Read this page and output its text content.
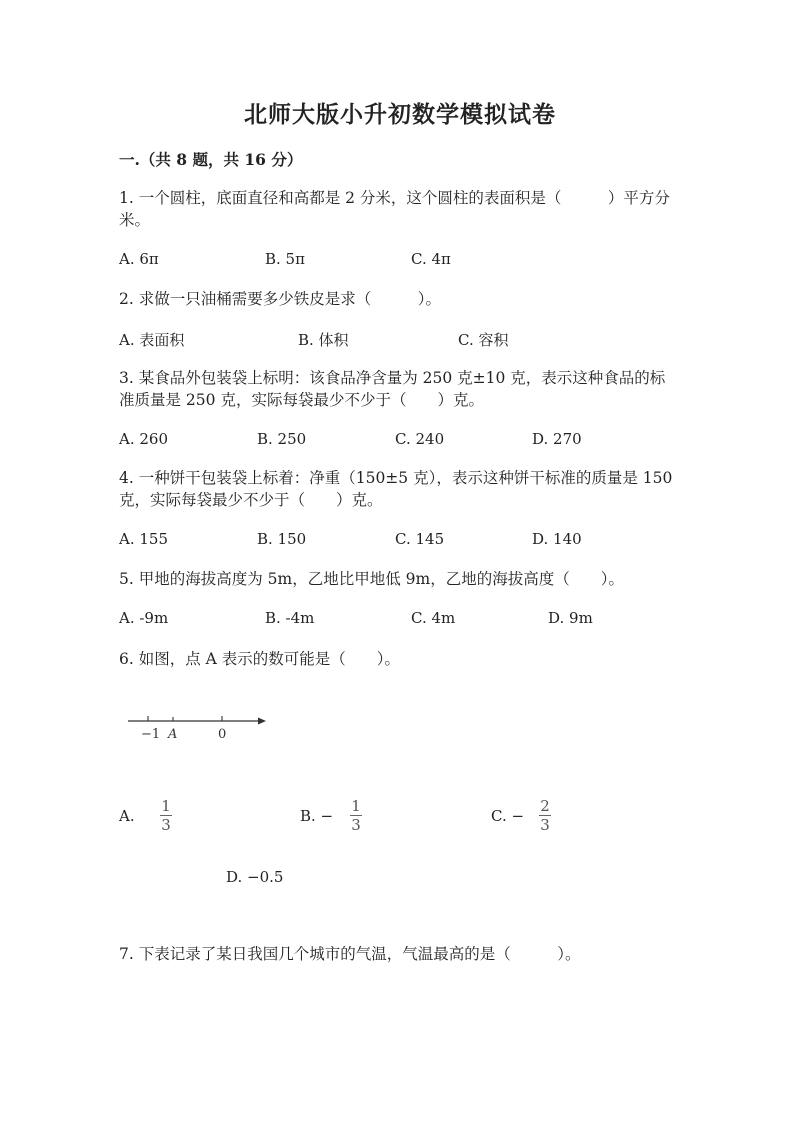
北师大版小升初数学模拟试卷
一.（共 8 题，共 16 分）
1. 一个圆柱，底面直径和高都是 2 分米，这个圆柱的表面积是（　　　）平方分
米。
A. 6π	B. 5π	C. 4π
2. 求做一只油桶需要多少铁皮是求（　　　）。
A. 表面积	B. 体积	C. 容积
3. 某食品外包装袋上标明：该食品净含量为 250 克±10 克，表示这种食品的标
准质量是 250 克，实际每袋最少不少于（　　）克。
A. 260	B. 250	C. 240	D. 270
4. 一种饼干包装袋上标着：净重（150±5 克），表示这种饼干标准的质量是 150
克，实际每袋最少不少于（　　）克。
A. 155	B. 150	C. 145	D. 140
5. 甲地的海拔高度为 5m，乙地比甲地低 9m，乙地的海拔高度（　　）。
A. -9m	B. -4m	C. 4m	D. 9m
6. 如图，点 A 表示的数可能是（　　）。
−1 A	0
A.
1
3	B. −
1
3	C. −
2
3
D. −0.5
7. 下表记录了某日我国几个城市的气温，气温最高的是（　　　）。
